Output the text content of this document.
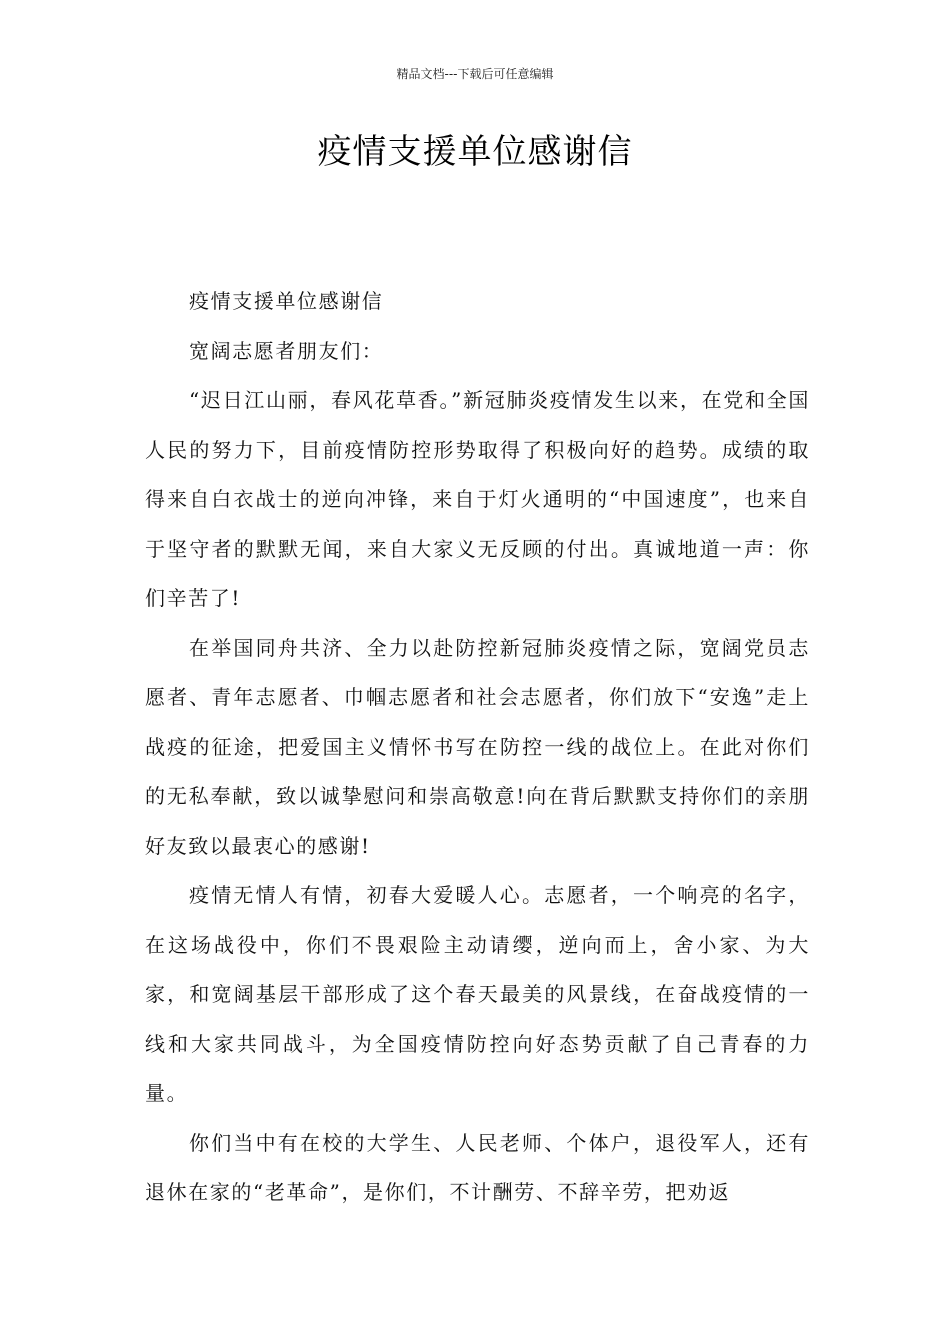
精品文档---下载后可任意编辑
疫情支援单位感谢信

疫情支援单位感谢信

宽阔志愿者朋友们：

“迟日江山丽，春风花草香。”新冠肺炎疫情发生以来，在党和全国人民的努力下，目前疫情防控形势取得了积极向好的趋势。成绩的取得来自白衣战士的逆向冲锋，来自于灯火通明的“中国速度”，也来自于坚守者的默默无闻，来自大家义无反顾的付出。真诚地道一声：你们辛苦了!

在举国同舟共济、全力以赴防控新冠肺炎疫情之际，宽阔党员志愿者、青年志愿者、巾帼志愿者和社会志愿者，你们放下“安逸”走上战疫的征途，把爱国主义情怀书写在防控一线的战位上。在此对你们的无私奉献，致以诚挚慰问和崇高敬意!向在背后默默支持你们的亲朋好友致以最衷心的感谢!

疫情无情人有情，初春大爱暖人心。志愿者，一个响亮的名字，在这场战役中，你们不畏艰险主动请缨，逆向而上，舍小家、为大家，和宽阔基层干部形成了这个春天最美的风景线，在奋战疫情的一线和大家共同战斗，为全国疫情防控向好态势贡献了自己青春的力量。

你们当中有在校的大学生、人民老师、个体户，退役军人，还有退休在家的“老革命”，是你们，不计酬劳、不辞辛劳，把劝返
